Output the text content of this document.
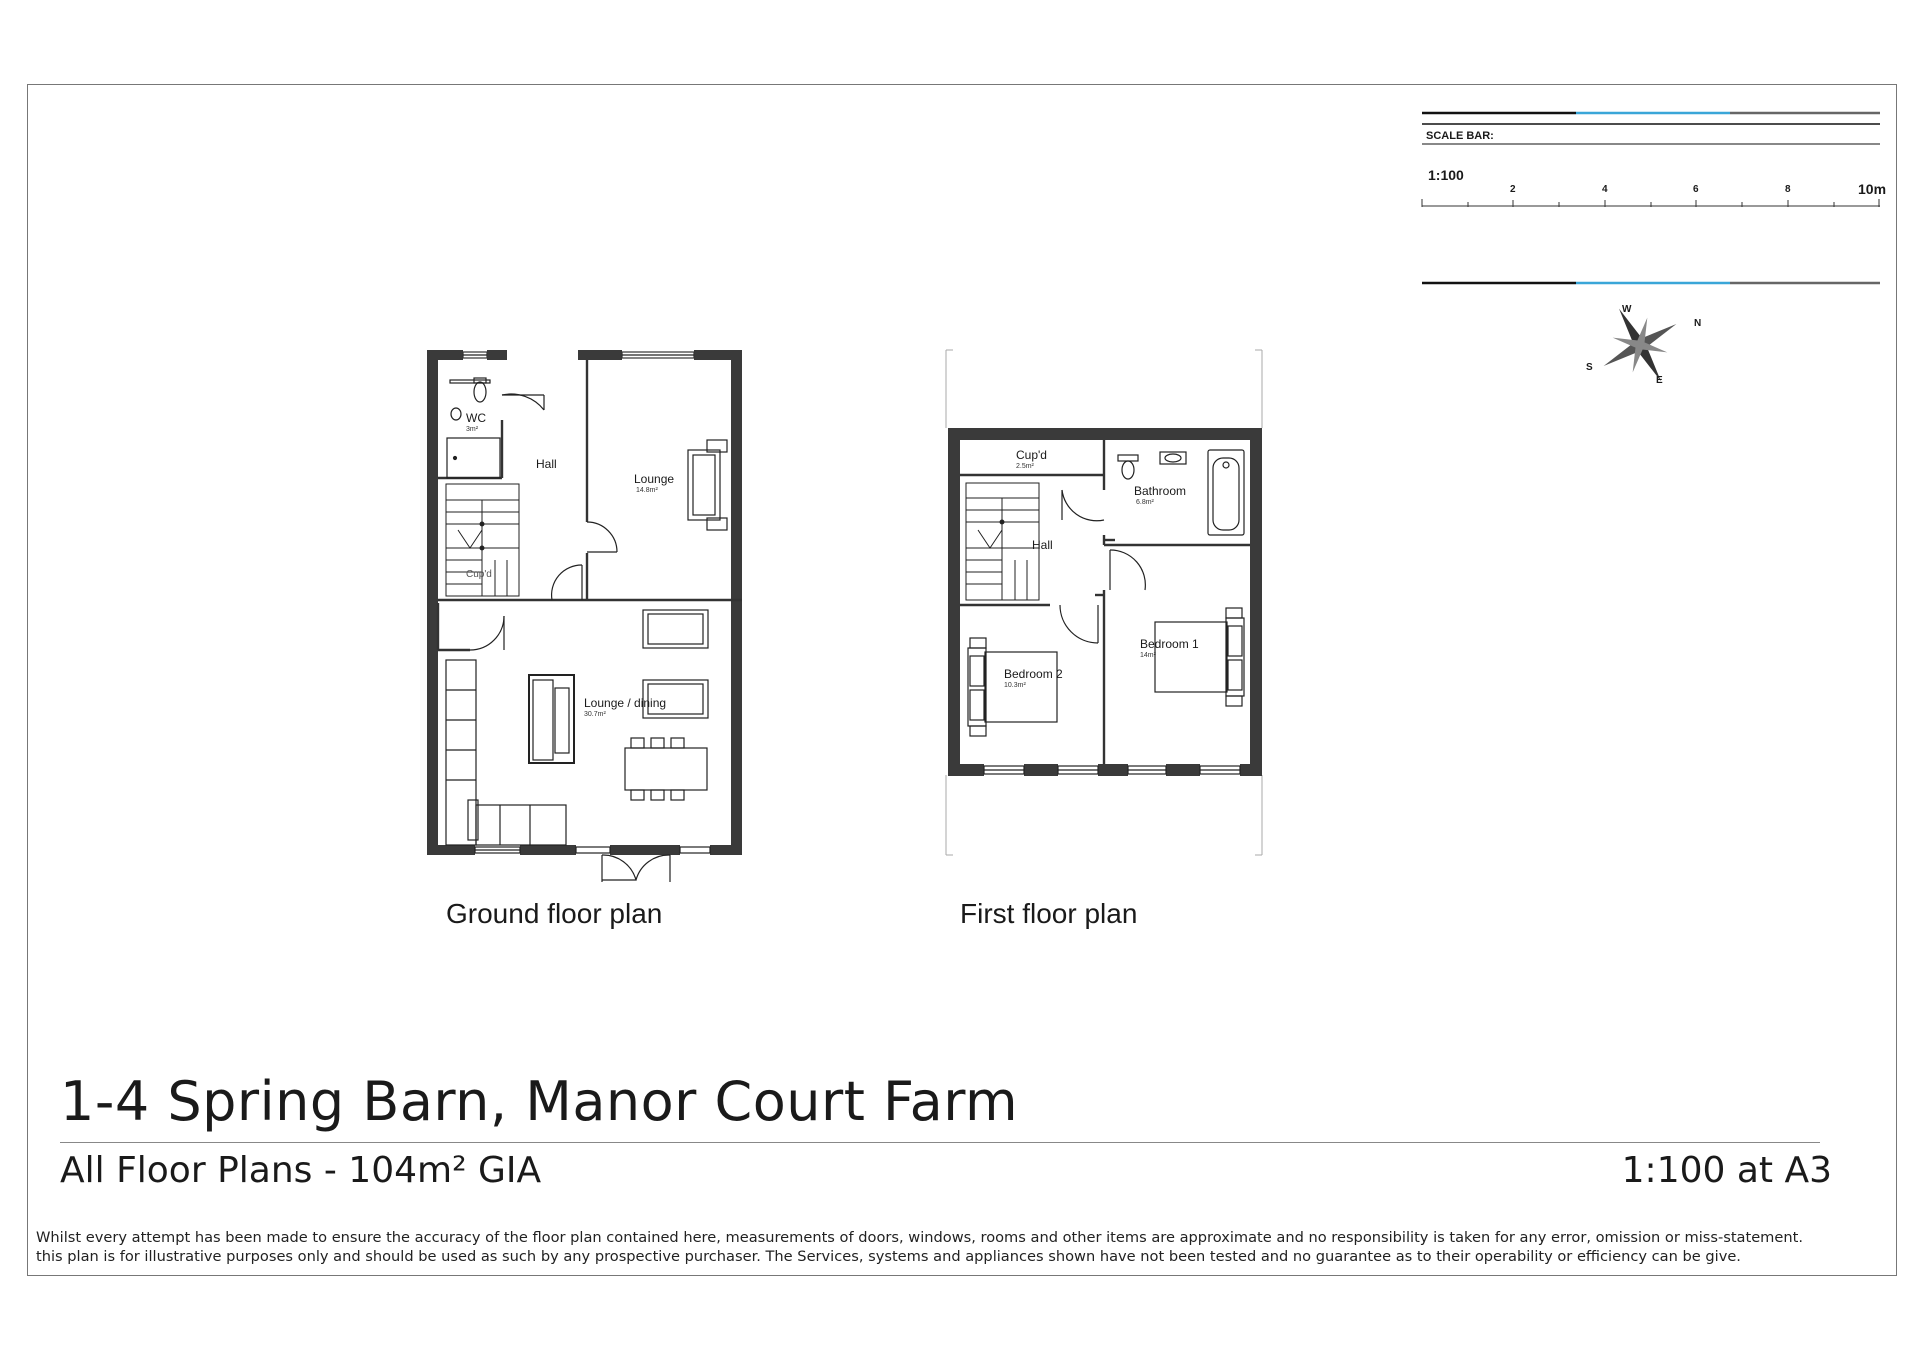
SCALE BAR:
1:100
2	4	6	8	10m
N
E
S
W
WC
3m²
Hall
Lounge
14.8m²
Cup'd
Lounge / dining
30.7m²
Cup'd
2.5m²
Bathroom
6.8m²
Hall
Bedroom 1
14m²
Bedroom 2
10.3m²
Ground floor plan	First floor plan
1-4 Spring Barn, Manor Court Farm
All Floor Plans - 104m² GIA	1:100 at A3
Whilst every attempt has been made to ensure the accuracy of the floor plan contained here, measurements of doors, windows, rooms and other items are approximate and no responsibility is taken for any error, omission or miss-statement.
this plan is for illustrative purposes only and should be used as such by any prospective purchaser. The Services, systems and appliances shown have not been tested and no guarantee as to their operability or efficiency can be give.
